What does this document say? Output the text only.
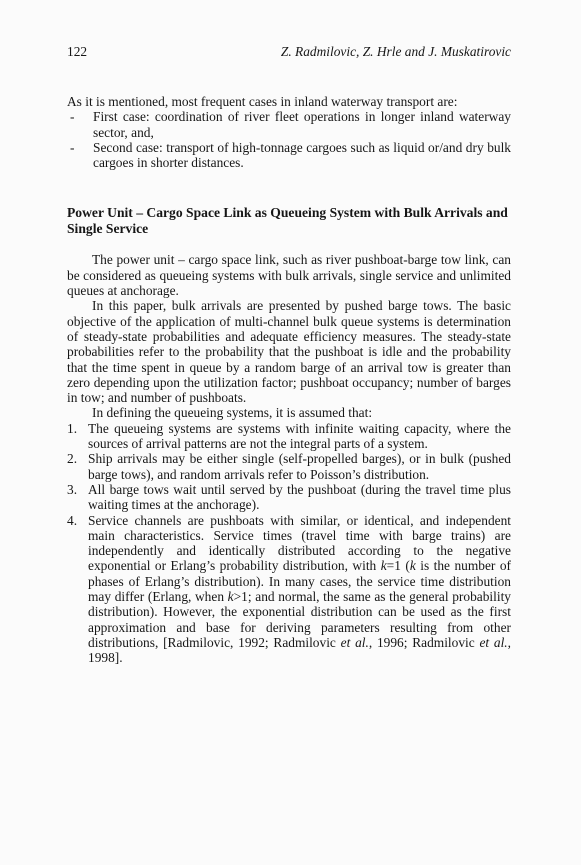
122	Z. Radmilovic, Z. Hrle and J. Muskatirovic

As it is mentioned, most frequent cases in inland waterway transport are:

- First case: coordination of river fleet operations in longer inland waterway sector, and,
- Second case: transport of high-tonnage cargoes such as liquid or/and dry bulk cargoes in shorter distances.
Power Unit – Cargo Space Link as Queueing System with Bulk Arrivals and Single Service

The power unit – cargo space link, such as river pushboat-barge tow link, can be considered as queueing systems with bulk arrivals, single service and unlimited queues at anchorage.

In this paper, bulk arrivals are presented by pushed barge tows. The basic objective of the application of multi-channel bulk queue systems is determination of steady-state probabilities and adequate efficiency measures. The steady-state probabilities refer to the probability that the pushboat is idle and the probability that the time spent in queue by a random barge of an arrival tow is greater than zero depending upon the utilization factor; pushboat occupancy; number of barges in tow; and number of pushboats.

In defining the queueing systems, it is assumed that:

1. The queueing systems are systems with infinite waiting capacity, where the sources of arrival patterns are not the integral parts of a system.
2. Ship arrivals may be either single (self-propelled barges), or in bulk (pushed barge tows), and random arrivals refer to Poisson’s distribution.
3. All barge tows wait until served by the pushboat (during the travel time plus waiting times at the anchorage).
4. Service channels are pushboats with similar, or identical, and independent main characteristics. Service times (travel time with barge trains) are independently and identically distributed according to the negative exponential or Erlang’s probability distribution, with k=1 (k is the number of phases of Erlang’s distribution). In many cases, the service time distribution may differ (Erlang, when k>1; and normal, the same as the general probability distribution). However, the exponential distribution can be used as the first approximation and base for deriving parameters resulting from other distributions, [Radmilovic, 1992; Radmilovic et al., 1996; Radmilovic et al., 1998].
